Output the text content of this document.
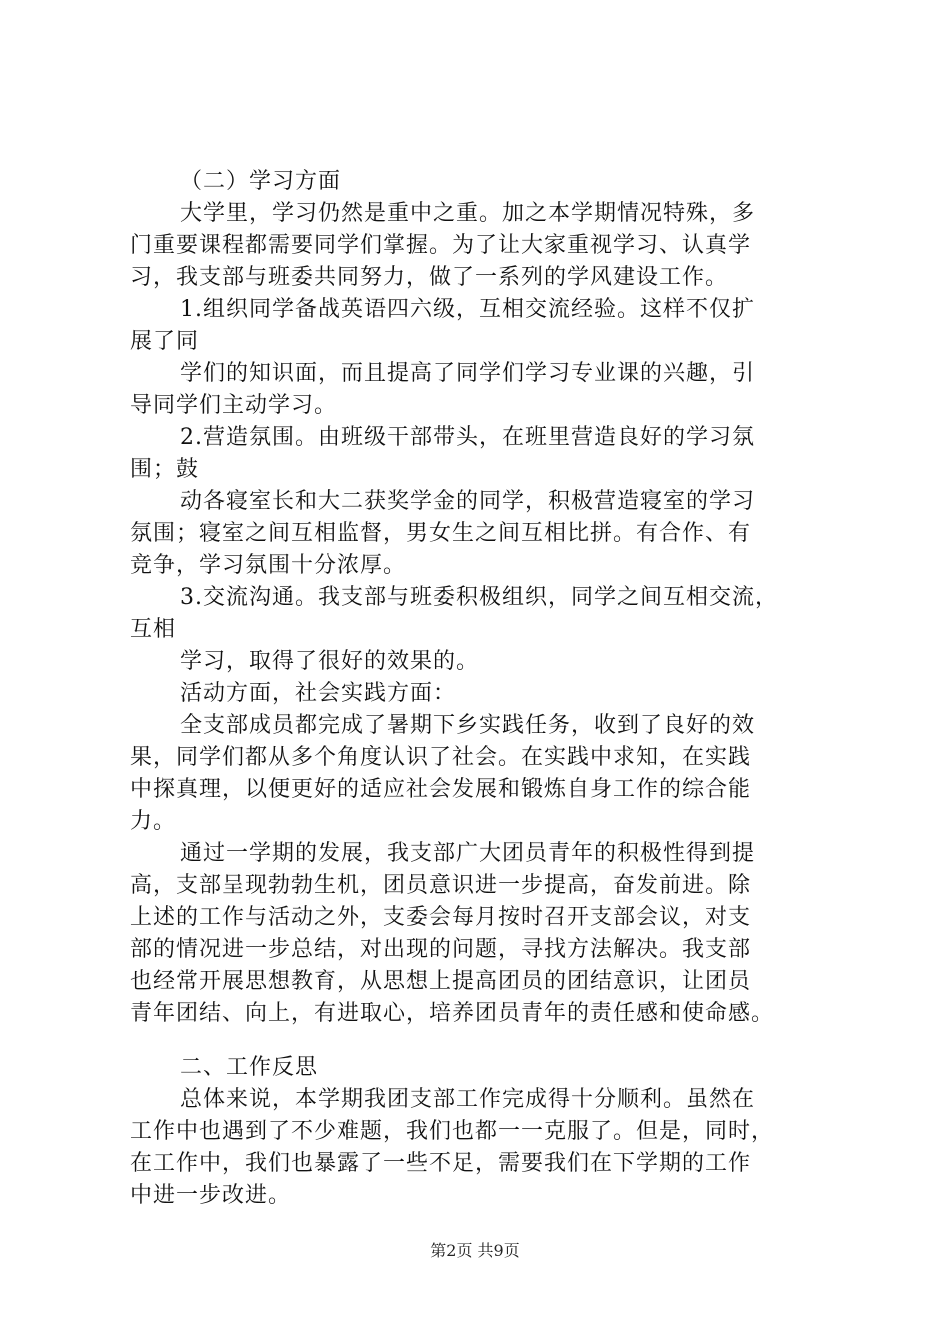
（二）学习方面
大学里，学习仍然是重中之重。加之本学期情况特殊，多
门重要课程都需要同学们掌握。为了让大家重视学习、认真学
习，我支部与班委共同努力，做了一系列的学风建设工作。
1.组织同学备战英语四六级，互相交流经验。这样不仅扩
展了同
学们的知识面，而且提高了同学们学习专业课的兴趣，引
导同学们主动学习。
2.营造氛围。由班级干部带头，在班里营造良好的学习氛
围；鼓
动各寝室长和大二获奖学金的同学，积极营造寝室的学习
氛围；寝室之间互相监督，男女生之间互相比拼。有合作、有
竞争，学习氛围十分浓厚。
3.交流沟通。我支部与班委积极组织，同学之间互相交流，
互相
学习，取得了很好的效果的。
活动方面，社会实践方面：
全支部成员都完成了暑期下乡实践任务，收到了良好的效
果，同学们都从多个角度认识了社会。在实践中求知，在实践
中探真理，以便更好的适应社会发展和锻炼自身工作的综合能
力。
通过一学期的发展，我支部广大团员青年的积极性得到提
高，支部呈现勃勃生机，团员意识进一步提高，奋发前进。除
上述的工作与活动之外，支委会每月按时召开支部会议，对支
部的情况进一步总结，对出现的问题，寻找方法解决。我支部
也经常开展思想教育，从思想上提高团员的团结意识，让团员
青年团结、向上，有进取心，培养团员青年的责任感和使命感。
二、工作反思
总体来说，本学期我团支部工作完成得十分顺利。虽然在
工作中也遇到了不少难题，我们也都一一克服了。但是，同时，
在工作中，我们也暴露了一些不足，需要我们在下学期的工作
中进一步改进。
第2页 共9页
